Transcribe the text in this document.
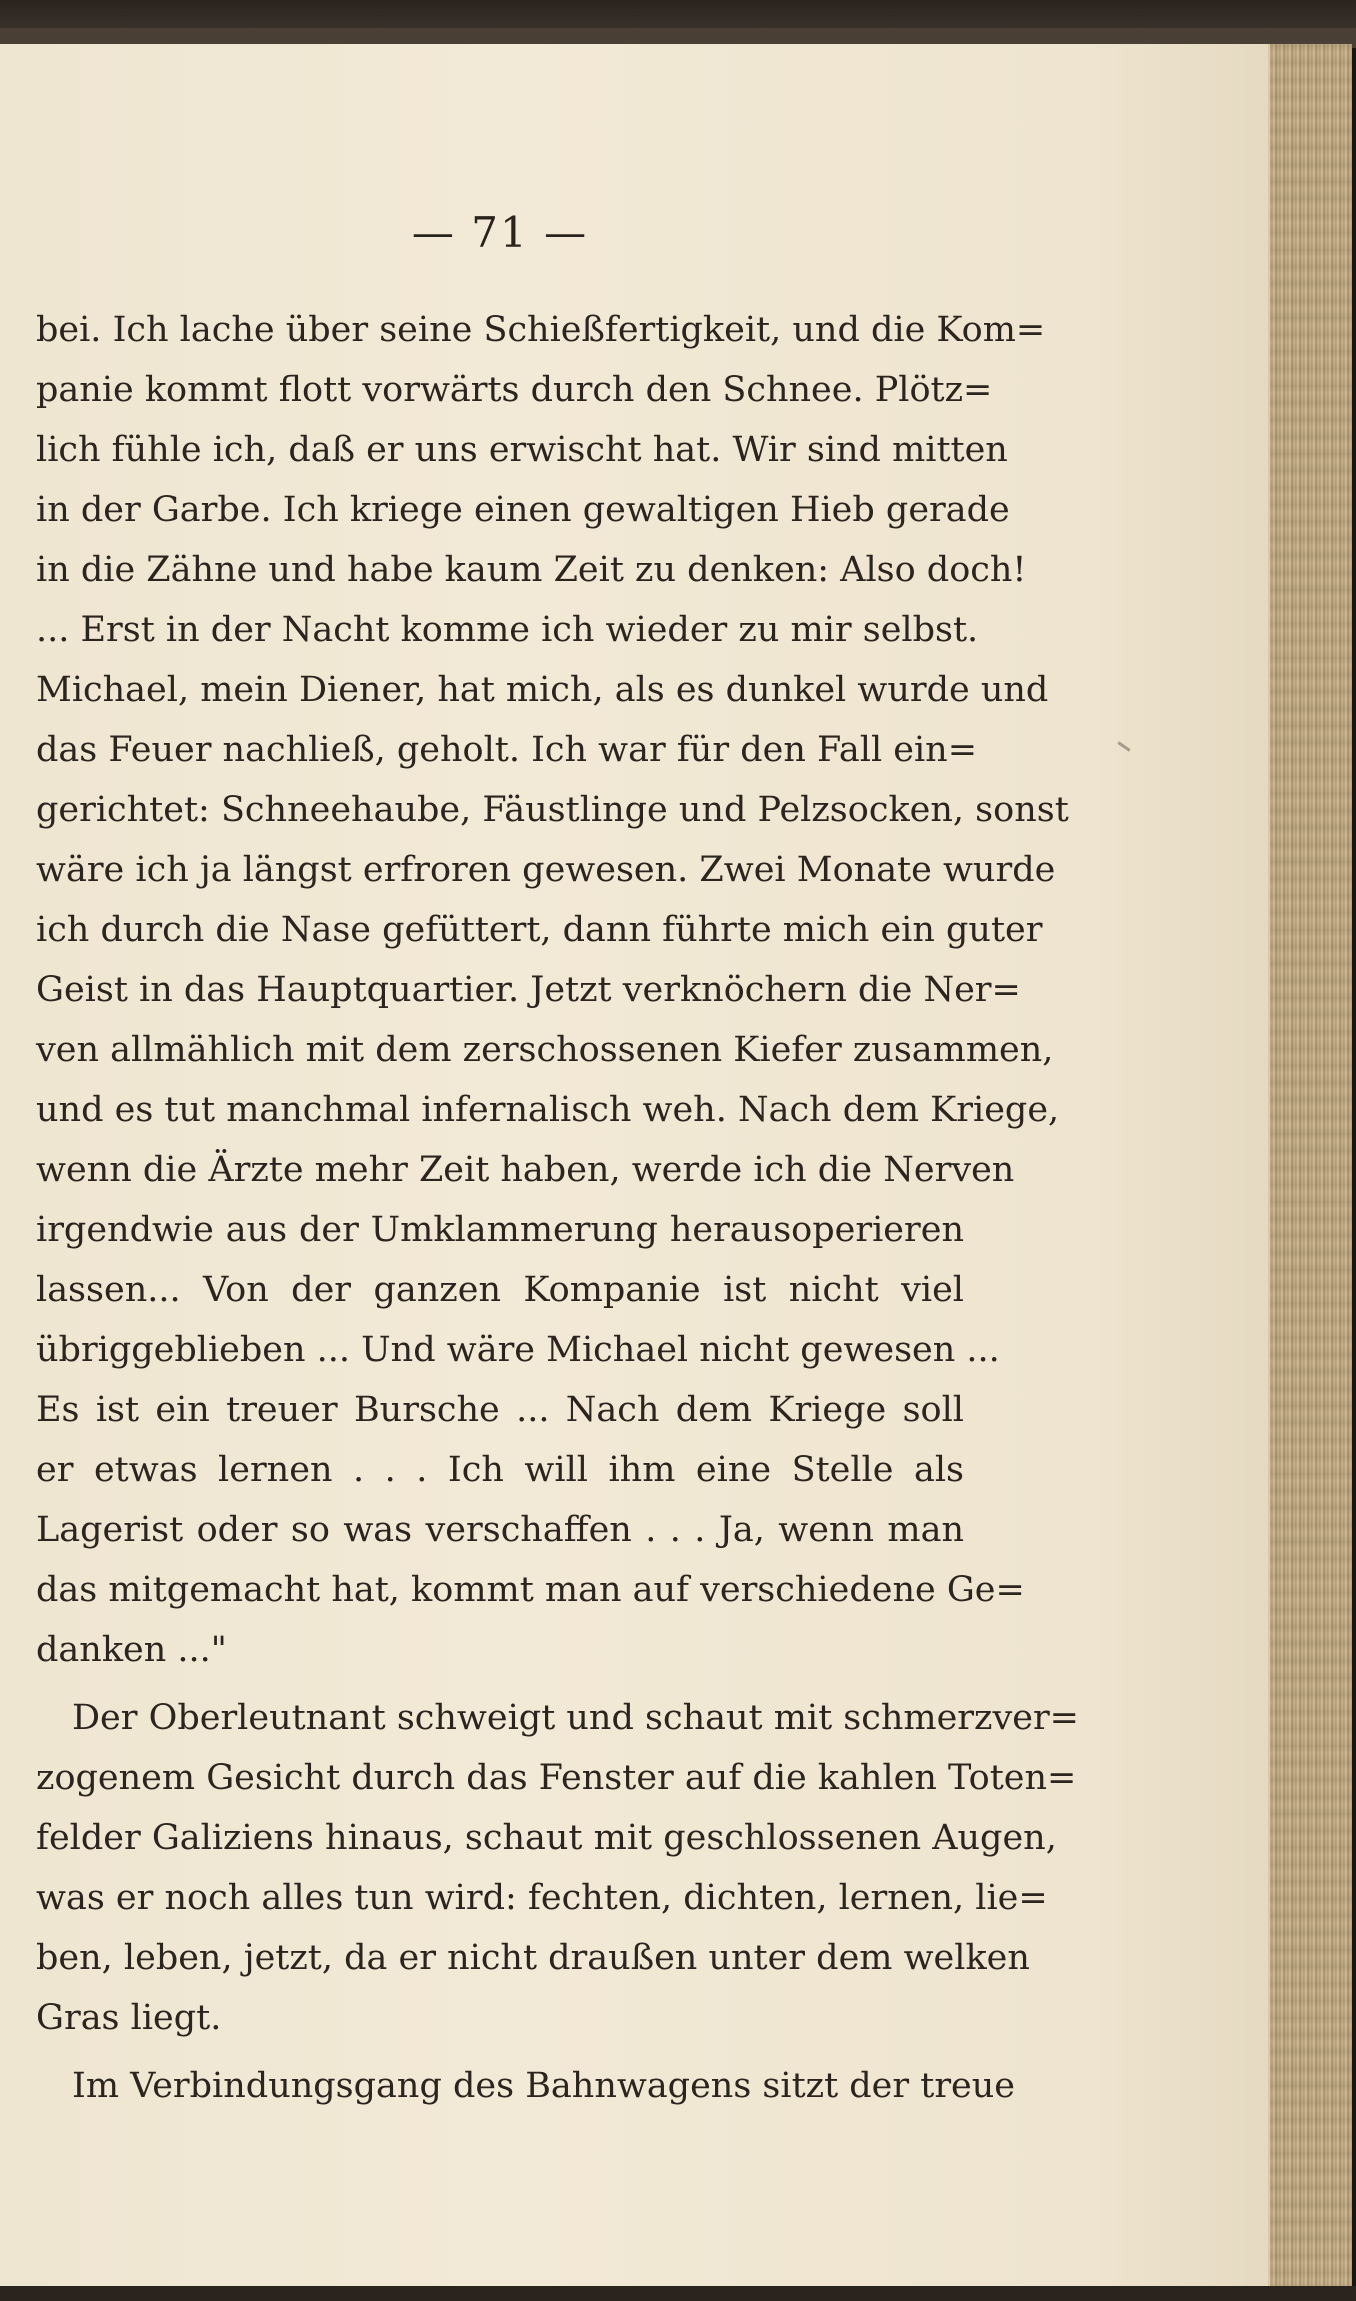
— 71 —
bei. Ich lache über seine Schießfertigkeit, und die Kom=
panie kommt flott vorwärts durch den Schnee. Plötz=
lich fühle ich, daß er uns erwischt hat. Wir sind mitten
in der Garbe. Ich kriege einen gewaltigen Hieb gerade
in die Zähne und habe kaum Zeit zu denken: Also doch!
... Erst in der Nacht komme ich wieder zu mir selbst.
Michael, mein Diener, hat mich, als es dunkel wurde und
das Feuer nachließ, geholt. Ich war für den Fall ein=
gerichtet: Schneehaube, Fäustlinge und Pelzsocken, sonst
wäre ich ja längst erfroren gewesen. Zwei Monate wurde
ich durch die Nase gefüttert, dann führte mich ein guter
Geist in das Hauptquartier. Jetzt verknöchern die Ner=
ven allmählich mit dem zerschossenen Kiefer zusammen,
und es tut manchmal infernalisch weh. Nach dem Kriege,
wenn die Ärzte mehr Zeit haben, werde ich die Nerven
irgendwie aus der Umklammerung herausoperieren
lassen... Von der ganzen Kompanie ist nicht viel
übriggeblieben ... Und wäre Michael nicht gewesen ...
Es ist ein treuer Bursche ... Nach dem Kriege soll
er etwas lernen . . . Ich will ihm eine Stelle als
Lagerist oder so was verschaffen . . . Ja, wenn man
das mitgemacht hat, kommt man auf verschiedene Ge=
danken ..."
Der Oberleutnant schweigt und schaut mit schmerzver=
zogenem Gesicht durch das Fenster auf die kahlen Toten=
felder Galiziens hinaus, schaut mit geschlossenen Augen,
was er noch alles tun wird: fechten, dichten, lernen, lie=
ben, leben, jetzt, da er nicht draußen unter dem welken
Gras liegt.
Im Verbindungsgang des Bahnwagens sitzt der treue
